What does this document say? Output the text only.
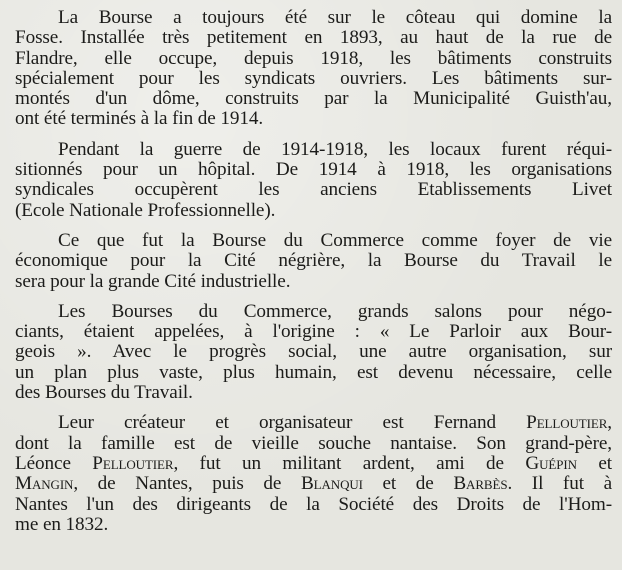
La Bourse a toujours été sur le côteau qui domine la
Fosse. Installée très petitement en 1893, au haut de la rue de
Flandre, elle occupe, depuis 1918, les bâtiments construits
spécialement pour les syndicats ouvriers. Les bâtiments sur-
montés d'un dôme, construits par la Municipalité Guisth'au,
ont été terminés à la fin de 1914.

Pendant la guerre de 1914-1918, les locaux furent réqui-
sitionnés pour un hôpital. De 1914 à 1918, les organisations
syndicales occupèrent les anciens Etablissements Livet
(Ecole Nationale Professionnelle).

Ce que fut la Bourse du Commerce comme foyer de vie
économique pour la Cité négrière, la Bourse du Travail le
sera pour la grande Cité industrielle.

Les Bourses du Commerce, grands salons pour négo-
ciants, étaient appelées, à l'origine : « Le Parloir aux Bour-
geois ». Avec le progrès social, une autre organisation, sur
un plan plus vaste, plus humain, est devenu nécessaire, celle
des Bourses du Travail.

Leur créateur et organisateur est Fernand Pelloutier,
dont la famille est de vieille souche nantaise. Son grand-père,
Léonce Pelloutier, fut un militant ardent, ami de Guépin et
Mangin, de Nantes, puis de Blanqui et de Barbès. Il fut à
Nantes l'un des dirigeants de la Société des Droits de l'Hom-
me en 1832.
